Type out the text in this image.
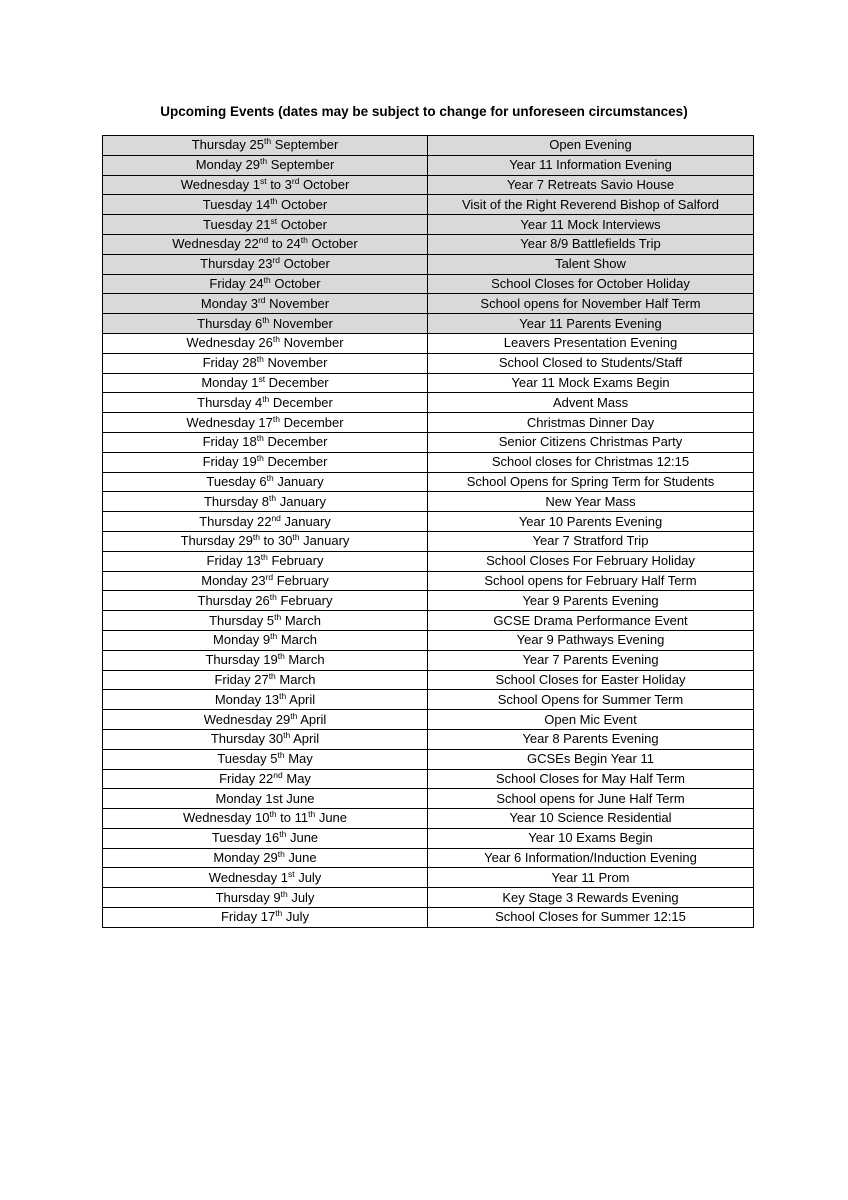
Upcoming Events (dates may be subject to change for unforeseen circumstances)
Thursday 25th September	Open Evening
Monday 29th September	Year 11 Information Evening
Wednesday 1st to 3rd October	Year 7 Retreats Savio House
Tuesday 14th October	Visit of the Right Reverend Bishop of Salford
Tuesday 21st October	Year 11 Mock Interviews
Wednesday 22nd to 24th October	Year 8/9 Battlefields Trip
Thursday 23rd October	Talent Show
Friday 24th October	School Closes for October Holiday
Monday 3rd November	School opens for November Half Term
Thursday 6th November	Year 11 Parents Evening
Wednesday 26th November	Leavers Presentation Evening
Friday 28th November	School Closed to Students/Staff
Monday 1st December	Year 11 Mock Exams Begin
Thursday 4th December	Advent Mass
Wednesday 17th December	Christmas Dinner Day
Friday 18th December	Senior Citizens Christmas Party
Friday 19th December	School closes for Christmas 12:15
Tuesday 6th January	School Opens for Spring Term for Students
Thursday 8th January	New Year Mass
Thursday 22nd January	Year 10 Parents Evening
Thursday 29th to 30th January	Year 7 Stratford Trip
Friday 13th February	School Closes For February Holiday
Monday 23rd February	School opens for February Half Term
Thursday 26th February	Year 9 Parents Evening
Thursday 5th March	GCSE Drama Performance Event
Monday 9th March	Year 9 Pathways Evening
Thursday 19th March	Year 7 Parents Evening
Friday 27th March	School Closes for Easter Holiday
Monday 13th April	School Opens for Summer Term
Wednesday 29th April	Open Mic Event
Thursday 30th April	Year 8 Parents Evening
Tuesday 5th May	GCSEs Begin Year 11
Friday 22nd May	School Closes for May Half Term
Monday 1st June	School opens for June Half Term
Wednesday 10th to 11th June	Year 10 Science Residential
Tuesday 16th June	Year 10 Exams Begin
Monday 29th June	Year 6 Information/Induction Evening
Wednesday 1st July	Year 11 Prom
Thursday 9th July	Key Stage 3 Rewards Evening
Friday 17th July	School Closes for Summer 12:15
